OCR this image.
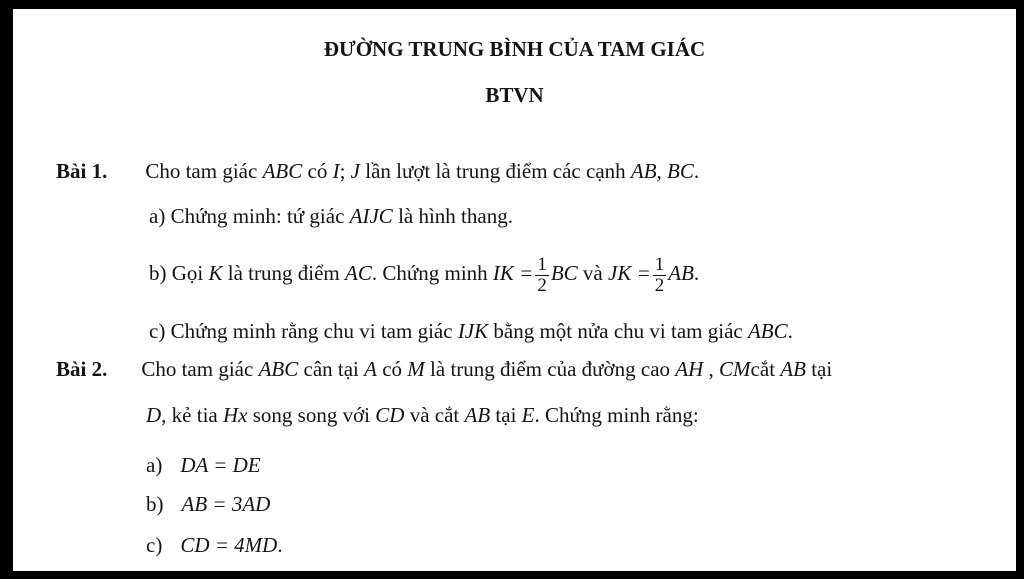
ĐƯỜNG TRUNG BÌNH CỦA TAM GIÁC
BTVN
Bài 1. Cho tam giác ABC có I; J lần lượt là trung điểm các cạnh AB, BC.
a) Chứng minh: tứ giác AIJC là hình thang.
b) Gọi K là trung điểm AC. Chứng minh IK = $\frac{1}{2}$ BC và JK = $\frac{1}{2}$ AB.
c) Chứng minh rằng chu vi tam giác IJK bằng một nửa chu vi tam giác ABC.
Bài 2. Cho tam giác ABC cân tại A có M là trung điểm của đường cao AH , CMcắt AB tại
D, kẻ tia Hx song song với CD và cắt AB tại E. Chứng minh rằng:
a) DA = DE
b) AB = 3AD
c) CD = 4MD.
